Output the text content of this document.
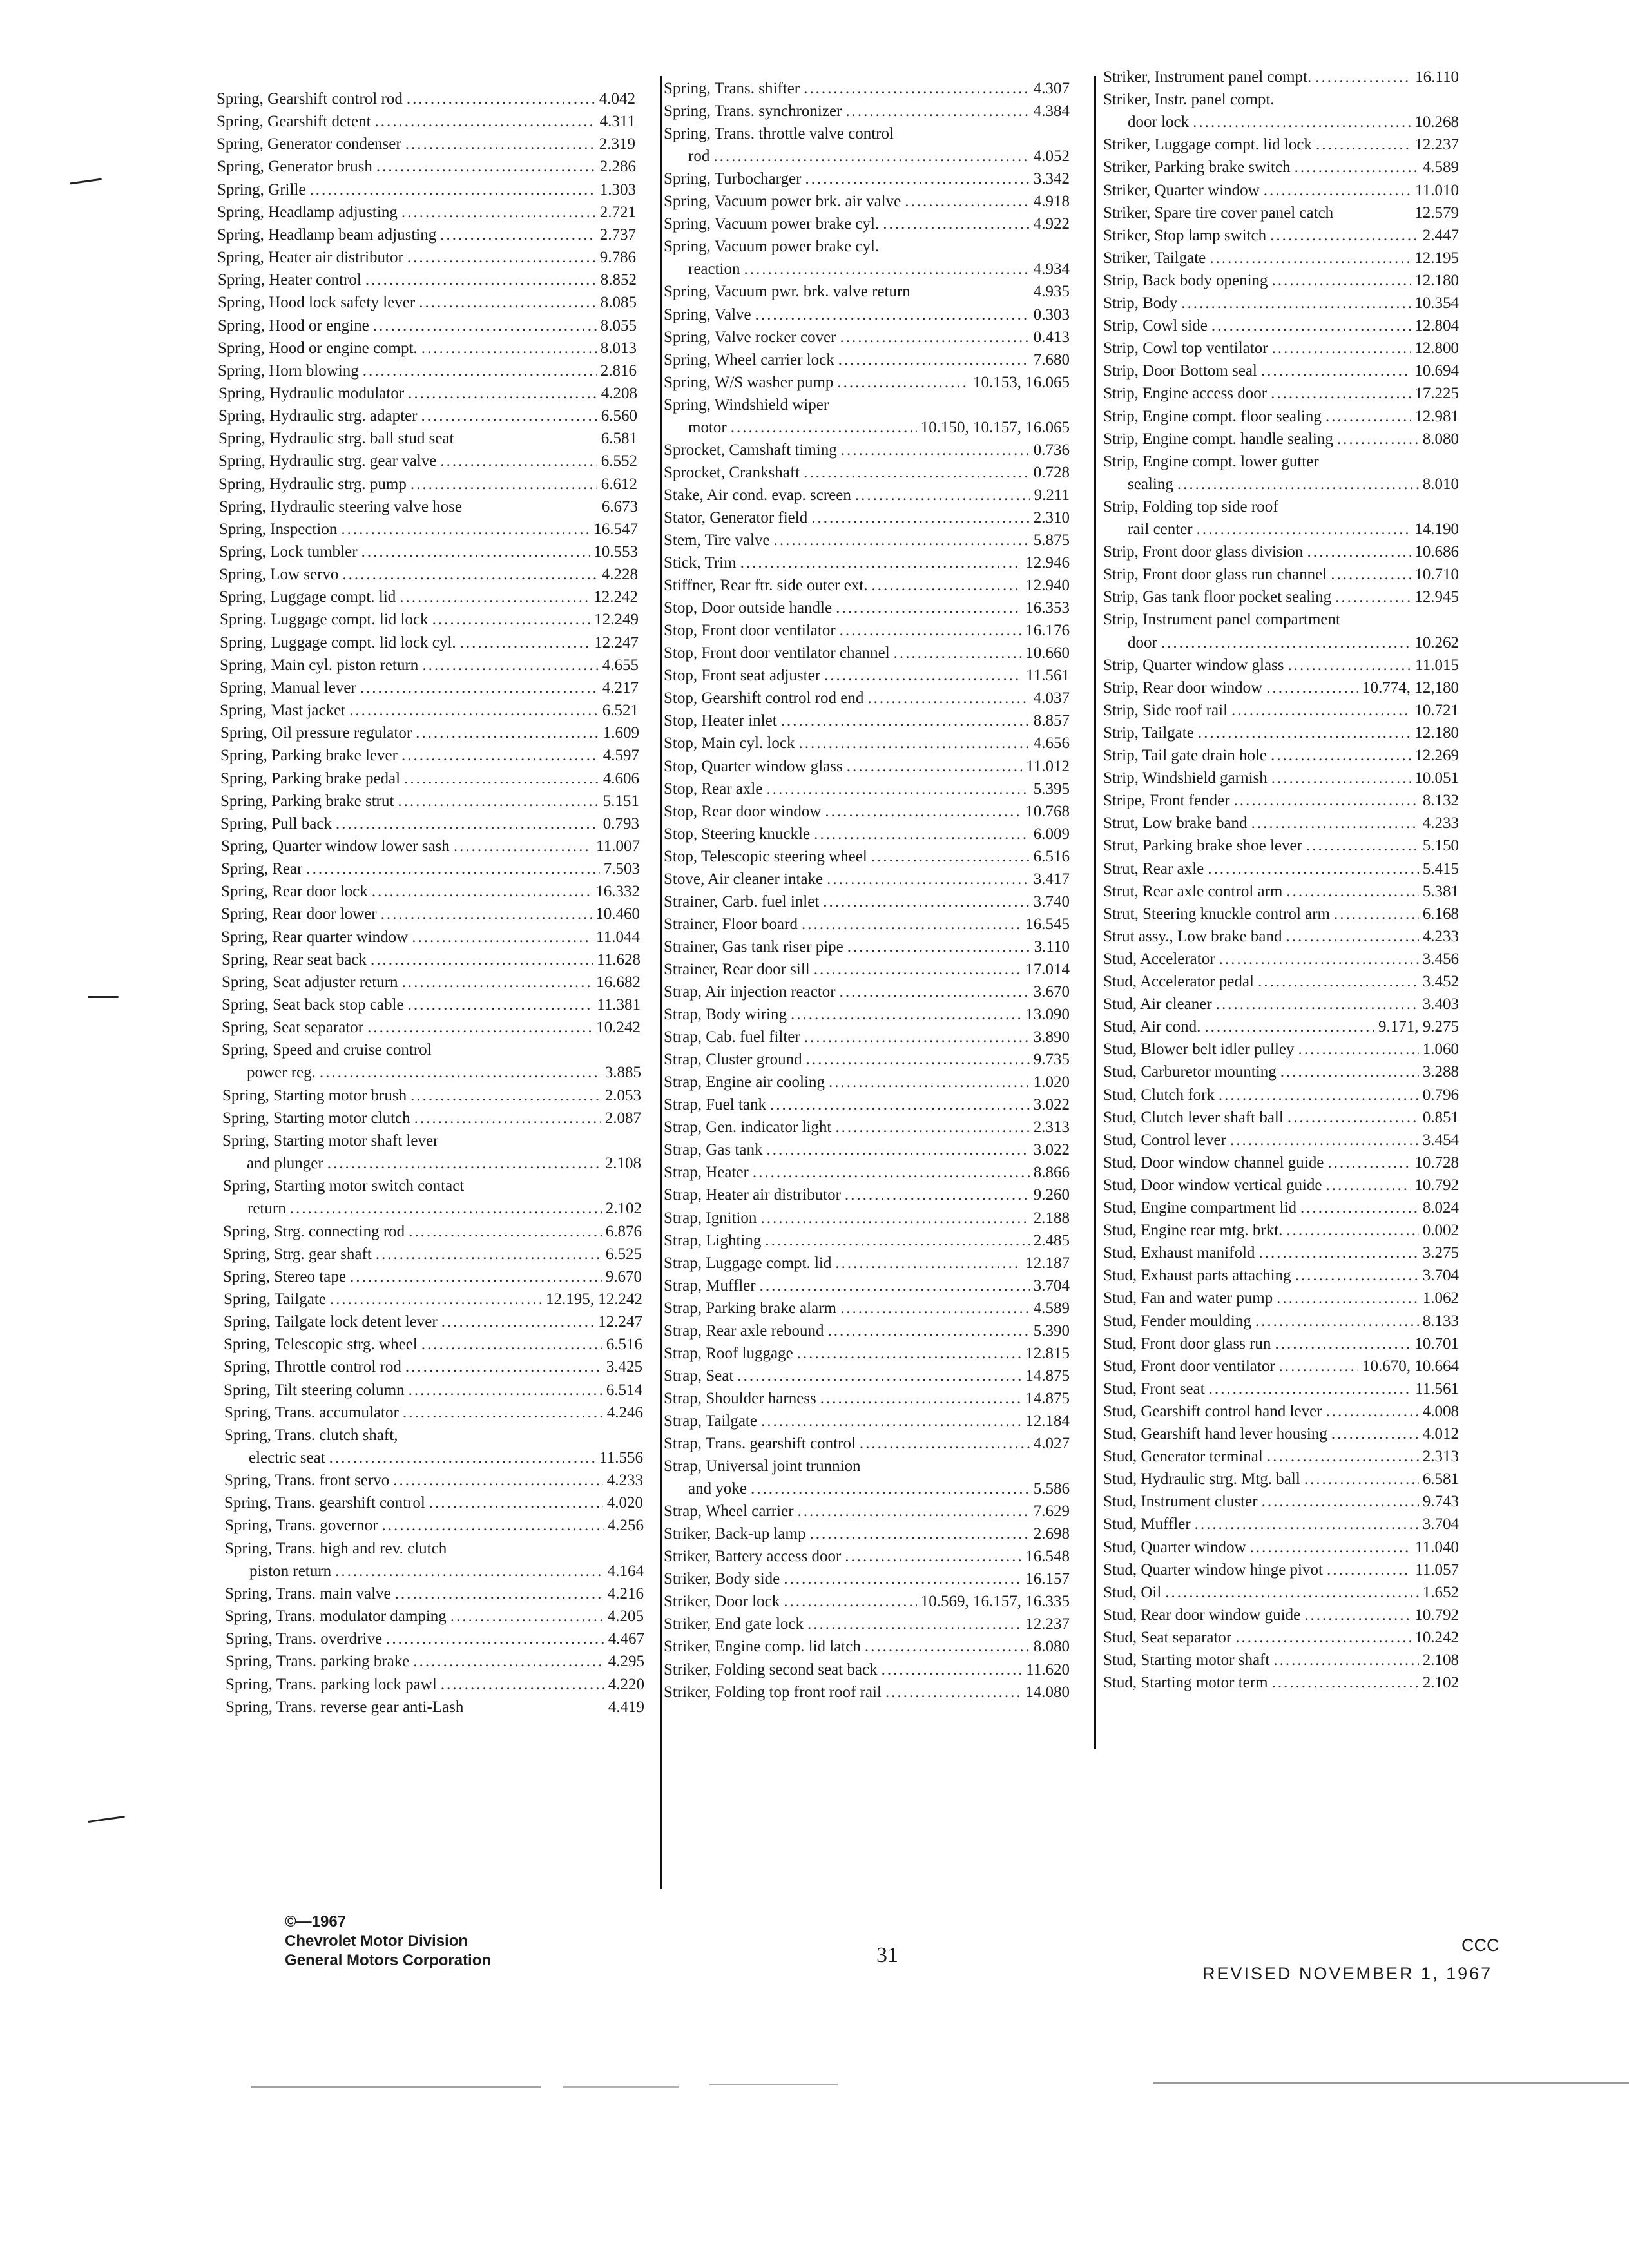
Spring, Gearshift control rod .....	4.042
Spring, Gearshift detent .....	4.311
Spring, Generator condenser .....	2.319
Spring, Generator brush .....	2.286
Spring, Grille .....	1.303
Spring, Headlamp adjusting .....	2.721
Spring, Headlamp beam adjusting .....	2.737
Spring, Heater air distributor .....	9.786
Spring, Heater control .....	8.852
Spring, Hood lock safety lever .....	8.085
Spring, Hood or engine .....	8.055
Spring, Hood or engine compt. .....	8.013
Spring, Horn blowing .....	2.816
Spring, Hydraulic modulator .....	4.208
Spring, Hydraulic strg. adapter .....	6.560
Spring, Hydraulic strg. ball stud seat	6.581
Spring, Hydraulic strg. gear valve .....	6.552
Spring, Hydraulic strg. pump .....	6.612
Spring, Hydraulic steering valve hose	6.673
Spring, Inspection .....	16.547
Spring, Lock tumbler .....	10.553
Spring, Low servo .....	4.228
Spring, Luggage compt. lid .....	12.242
Spring. Luggage compt. lid lock .....	12.249
Spring, Luggage compt. lid lock cyl. .....	12.247
Spring, Main cyl. piston return .....	4.655
Spring, Manual lever .....	4.217
Spring, Mast jacket .....	6.521
Spring, Oil pressure regulator .....	1.609
Spring, Parking brake lever .....	4.597
Spring, Parking brake pedal .....	4.606
Spring, Parking brake strut .....	5.151
Spring, Pull back .....	0.793
Spring, Quarter window lower sash .....	11.007
Spring, Rear .....	7.503
Spring, Rear door lock .....	16.332
Spring, Rear door lower .....	10.460
Spring, Rear quarter window .....	11.044
Spring, Rear seat back .....	11.628
Spring, Seat adjuster return .....	16.682
Spring, Seat back stop cable .....	11.381
Spring, Seat separator .....	10.242
Spring, Speed and cruise control
power reg. .....	3.885
Spring, Starting motor brush .....	2.053
Spring, Starting motor clutch .....	2.087
Spring, Starting motor shaft lever
and plunger .....	2.108
Spring, Starting motor switch contact
return .....	2.102
Spring, Strg. connecting rod .....	6.876
Spring, Strg. gear shaft .....	6.525
Spring, Stereo tape .....	9.670
Spring, Tailgate .....	12.195, 12.242
Spring, Tailgate lock detent lever .....	12.247
Spring, Telescopic strg. wheel .....	6.516
Spring, Throttle control rod .....	3.425
Spring, Tilt steering column .....	6.514
Spring, Trans. accumulator .....	4.246
Spring, Trans. clutch shaft,
electric seat .....	11.556
Spring, Trans. front servo .....	4.233
Spring, Trans. gearshift control .....	4.020
Spring, Trans. governor .....	4.256
Spring, Trans. high and rev. clutch
piston return .....	4.164
Spring, Trans. main valve .....	4.216
Spring, Trans. modulator damping .....	4.205
Spring, Trans. overdrive .....	4.467
Spring, Trans. parking brake .....	4.295
Spring, Trans. parking lock pawl .....	4.220
Spring, Trans. reverse gear anti-Lash	4.419
Spring, Trans. shifter .....	4.307
Spring, Trans. synchronizer .....	4.384
Spring, Trans. throttle valve control
rod .....	4.052
Spring, Turbocharger .....	3.342
Spring, Vacuum power brk. air valve .....	4.918
Spring, Vacuum power brake cyl. .....	4.922
Spring, Vacuum power brake cyl.
reaction .....	4.934
Spring, Vacuum pwr. brk. valve return	4.935
Spring, Valve .....	0.303
Spring, Valve rocker cover .....	0.413
Spring, Wheel carrier lock .....	7.680
Spring, W/S washer pump .....	10.153, 16.065
Spring, Windshield wiper
motor .....	10.150, 10.157, 16.065
Sprocket, Camshaft timing .....	0.736
Sprocket, Crankshaft .....	0.728
Stake, Air cond. evap. screen .....	9.211
Stator, Generator field .....	2.310
Stem, Tire valve .....	5.875
Stick, Trim .....	12.946
Stiffner, Rear ftr. side outer ext. .....	12.940
Stop, Door outside handle .....	16.353
Stop, Front door ventilator .....	16.176
Stop, Front door ventilator channel .....	10.660
Stop, Front seat adjuster .....	11.561
Stop, Gearshift control rod end .....	4.037
Stop, Heater inlet .....	8.857
Stop, Main cyl. lock .....	4.656
Stop, Quarter window glass .....	11.012
Stop, Rear axle .....	5.395
Stop, Rear door window .....	10.768
Stop, Steering knuckle .....	6.009
Stop, Telescopic steering wheel .....	6.516
Stove, Air cleaner intake .....	3.417
Strainer, Carb. fuel inlet .....	3.740
Strainer, Floor board .....	16.545
Strainer, Gas tank riser pipe .....	3.110
Strainer, Rear door sill .....	17.014
Strap, Air injection reactor .....	3.670
Strap, Body wiring .....	13.090
Strap, Cab. fuel filter .....	3.890
Strap, Cluster ground .....	9.735
Strap, Engine air cooling .....	1.020
Strap, Fuel tank .....	3.022
Strap, Gen. indicator light .....	2.313
Strap, Gas tank .....	3.022
Strap, Heater .....	8.866
Strap, Heater air distributor .....	9.260
Strap, Ignition .....	2.188
Strap, Lighting .....	2.485
Strap, Luggage compt. lid .....	12.187
Strap, Muffler .....	3.704
Strap, Parking brake alarm .....	4.589
Strap, Rear axle rebound .....	5.390
Strap, Roof luggage .....	12.815
Strap, Seat .....	14.875
Strap, Shoulder harness .....	14.875
Strap, Tailgate .....	12.184
Strap, Trans. gearshift control .....	4.027
Strap, Universal joint trunnion
and yoke .....	5.586
Strap, Wheel carrier .....	7.629
Striker, Back-up lamp .....	2.698
Striker, Battery access door .....	16.548
Striker, Body side .....	16.157
Striker, Door lock .....	10.569, 16.157, 16.335
Striker, End gate lock .....	12.237
Striker, Engine comp. lid latch .....	8.080
Striker, Folding second seat back .....	11.620
Striker, Folding top front roof rail .....	14.080
Striker, Instrument panel compt. .....	16.110
Striker, Instr. panel compt.
door lock .....	10.268
Striker, Luggage compt. lid lock .....	12.237
Striker, Parking brake switch .....	4.589
Striker, Quarter window .....	11.010
Striker, Spare tire cover panel catch	12.579
Striker, Stop lamp switch .....	2.447
Striker, Tailgate .....	12.195
Strip, Back body opening .....	12.180
Strip, Body .....	10.354
Strip, Cowl side .....	12.804
Strip, Cowl top ventilator .....	12.800
Strip, Door Bottom seal .....	10.694
Strip, Engine access door .....	17.225
Strip, Engine compt. floor sealing .....	12.981
Strip, Engine compt. handle sealing .....	8.080
Strip, Engine compt. lower gutter
sealing .....	8.010
Strip, Folding top side roof
rail center .....	14.190
Strip, Front door glass division .....	10.686
Strip, Front door glass run channel .....	10.710
Strip, Gas tank floor pocket sealing .....	12.945
Strip, Instrument panel compartment
door .....	10.262
Strip, Quarter window glass .....	11.015
Strip, Rear door window .....	10.774, 12,180
Strip, Side roof rail .....	10.721
Strip, Tailgate .....	12.180
Strip, Tail gate drain hole .....	12.269
Strip, Windshield garnish .....	10.051
Stripe, Front fender .....	8.132
Strut, Low brake band .....	4.233
Strut, Parking brake shoe lever .....	5.150
Strut, Rear axle .....	5.415
Strut, Rear axle control arm .....	5.381
Strut, Steering knuckle control arm .....	6.168
Strut assy., Low brake band .....	4.233
Stud, Accelerator .....	3.456
Stud, Accelerator pedal .....	3.452
Stud, Air cleaner .....	3.403
Stud, Air cond. .....	9.171, 9.275
Stud, Blower belt idler pulley .....	1.060
Stud, Carburetor mounting .....	3.288
Stud, Clutch fork .....	0.796
Stud, Clutch lever shaft ball .....	0.851
Stud, Control lever .....	3.454
Stud, Door window channel guide .....	10.728
Stud, Door window vertical guide .....	10.792
Stud, Engine compartment lid .....	8.024
Stud, Engine rear mtg. brkt. .....	0.002
Stud, Exhaust manifold .....	3.275
Stud, Exhaust parts attaching .....	3.704
Stud, Fan and water pump .....	1.062
Stud, Fender moulding .....	8.133
Stud, Front door glass run .....	10.701
Stud, Front door ventilator .....	10.670, 10.664
Stud, Front seat .....	11.561
Stud, Gearshift control hand lever .....	4.008
Stud, Gearshift hand lever housing .....	4.012
Stud, Generator terminal .....	2.313
Stud, Hydraulic strg. Mtg. ball .....	6.581
Stud, Instrument cluster .....	9.743
Stud, Muffler .....	3.704
Stud, Quarter window .....	11.040
Stud, Quarter window hinge pivot .....	11.057
Stud, Oil .....	1.652
Stud, Rear door window guide .....	10.792
Stud, Seat separator .....	10.242
Stud, Starting motor shaft .....	2.108
Stud, Starting motor term .....	2.102
©—1967
Chevrolet Motor Division
General Motors Corporation	31	CCC
REVISED NOVEMBER 1, 1967
